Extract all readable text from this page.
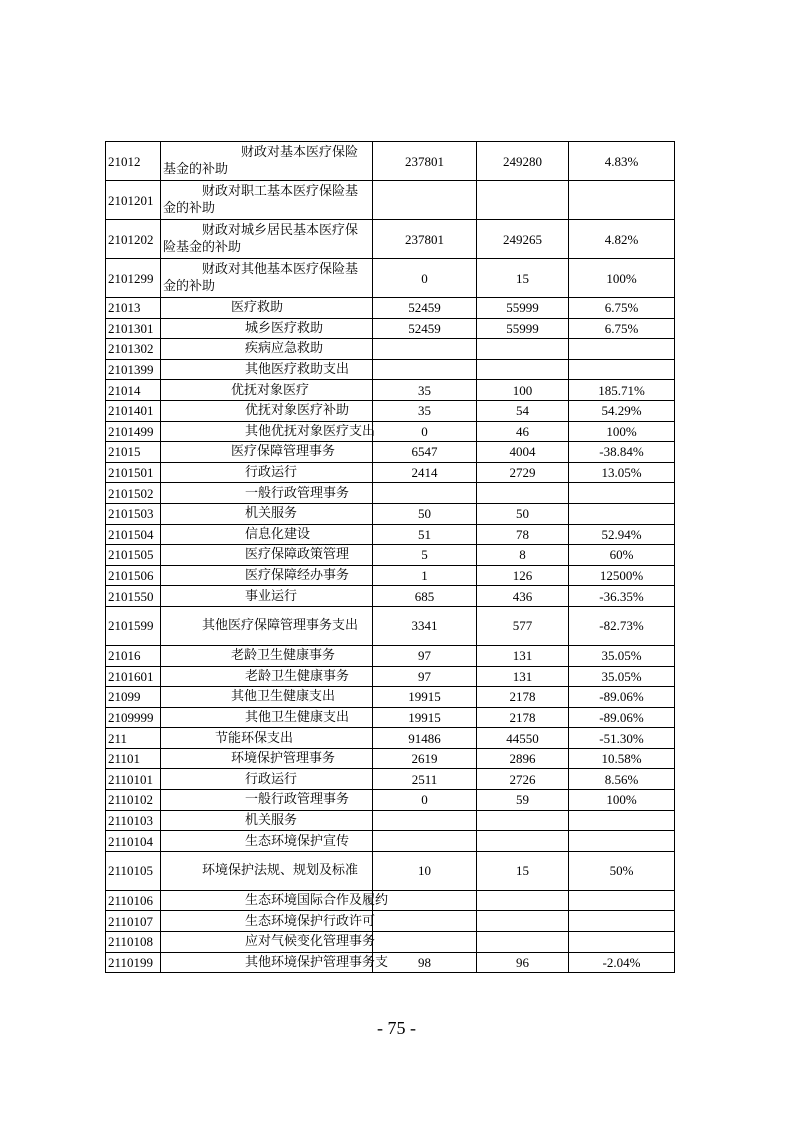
21012	财政对基本医疗保险基金的补助	237801	249280	4.83%
2101201	财政对职工基本医疗保险基金的补助			
2101202	财政对城乡居民基本医疗保险基金的补助	237801	249265	4.82%
2101299	财政对其他基本医疗保险基金的补助	0	15	100%
21013	医疗救助	52459	55999	6.75%
2101301	城乡医疗救助	52459	55999	6.75%
2101302	疾病应急救助			
2101399	其他医疗救助支出			
21014	优抚对象医疗	35	100	185.71%
2101401	优抚对象医疗补助	35	54	54.29%
2101499	其他优抚对象医疗支出	0	46	100%
21015	医疗保障管理事务	6547	4004	-38.84%
2101501	行政运行	2414	2729	13.05%
2101502	一般行政管理事务			
2101503	机关服务	50	50	
2101504	信息化建设	51	78	52.94%
2101505	医疗保障政策管理	5	8	60%
2101506	医疗保障经办事务	1	126	12500%
2101550	事业运行	685	436	-36.35%
2101599	其他医疗保障管理事务支出	3341	577	-82.73%
21016	老龄卫生健康事务	97	131	35.05%
2101601	老龄卫生健康事务	97	131	35.05%
21099	其他卫生健康支出	19915	2178	-89.06%
2109999	其他卫生健康支出	19915	2178	-89.06%
211	节能环保支出	91486	44550	-51.30%
21101	环境保护管理事务	2619	2896	10.58%
2110101	行政运行	2511	2726	8.56%
2110102	一般行政管理事务	0	59	100%
2110103	机关服务			
2110104	生态环境保护宣传			
2110105	环境保护法规、规划及标准	10	15	50%
2110106	生态环境国际合作及履约			
2110107	生态环境保护行政许可			
2110108	应对气候变化管理事务			
2110199	其他环境保护管理事务支	98	96	-2.04%
- 75 -
